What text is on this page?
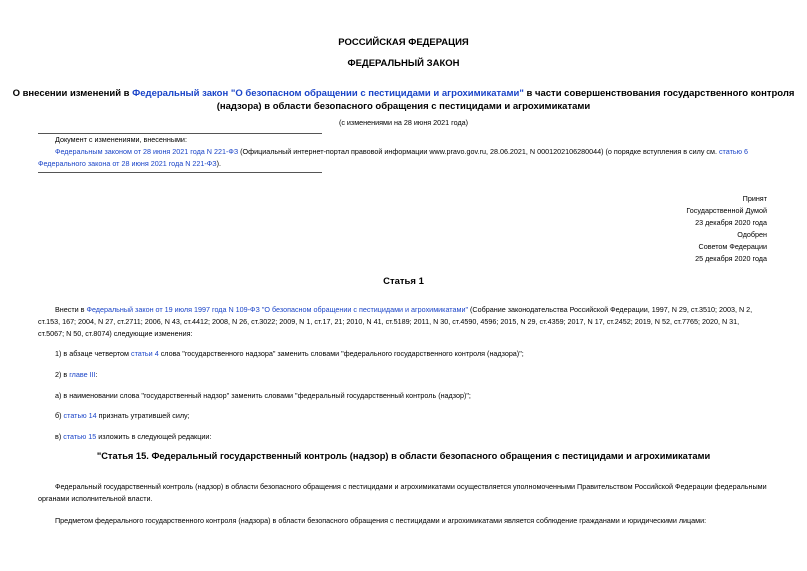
РОССИЙСКАЯ ФЕДЕРАЦИЯ
ФЕДЕРАЛЬНЫЙ ЗАКОН
О внесении изменений в Федеральный закон "О безопасном обращении с пестицидами и агрохимикатами" в части совершенствования государственного контроля
(надзора) в области безопасного обращения с пестицидами и агрохимикатами
(с изменениями на 28 июня 2021 года)
Документ с изменениями, внесенными:
Федеральным законом от 28 июня 2021 года N 221-ФЗ (Официальный интернет-портал правовой информации www.pravo.gov.ru, 28.06.2021, N 0001202106280044) (о порядке вступления в силу см. статью 6
Федерального закона от 28 июня 2021 года N 221-ФЗ).
Принят
Государственной Думой
23 декабря 2020 года
Одобрен
Советом Федерации
25 декабря 2020 года
Статья 1
Внести в Федеральный закон от 19 июля 1997 года N 109-ФЗ "О безопасном обращении с пестицидами и агрохимикатами" (Собрание законодательства Российской Федерации, 1997, N 29, ст.3510; 2003, N 2,
ст.153, 167; 2004, N 27, ст.2711; 2006, N 43, ст.4412; 2008, N 26, ст.3022; 2009, N 1, ст.17, 21; 2010, N 41, ст.5189; 2011, N 30, ст.4590, 4596; 2015, N 29, ст.4359; 2017, N 17, ст.2452; 2019, N 52, ст.7765; 2020, N 31,
ст.5067; N 50, ст.8074) следующие изменения:
1) в абзаце четвертом статьи 4 слова "государственного надзора" заменить словами "федерального государственного контроля (надзора)";
2) в главе III:
а) в наименовании слова "государственный надзор" заменить словами "федеральный государственный контроль (надзор)";
б) статью 14 признать утратившей силу;
в) статью 15 изложить в следующей редакции:
"Статья 15. Федеральный государственный контроль (надзор) в области безопасного обращения с пестицидами и агрохимикатами
Федеральный государственный контроль (надзор) в области безопасного обращения с пестицидами и агрохимикатами осуществляется уполномоченными Правительством Российской Федерации федеральными
органами исполнительной власти.
Предметом федерального государственного контроля (надзора) в области безопасного обращения с пестицидами и агрохимикатами является соблюдение гражданами и юридическими лицами:
